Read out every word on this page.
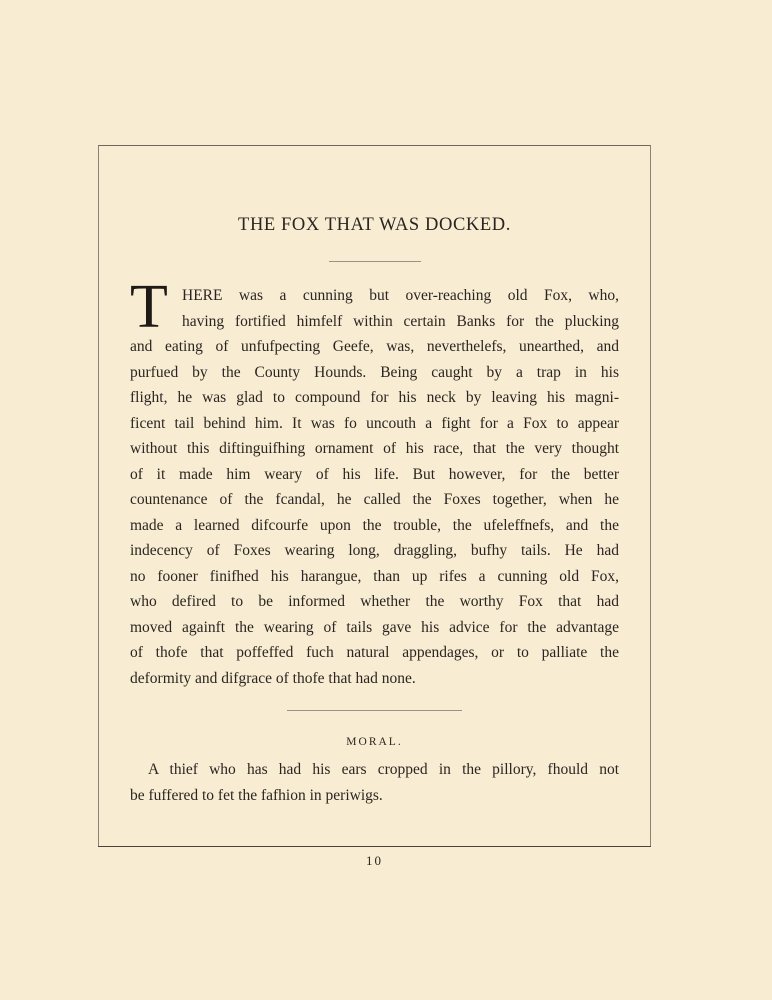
THE FOX THAT WAS DOCKED.
T HERE was a cunning but over-reaching old Fox, who,
having fortified himfelf within certain Banks for the plucking
and eating of unfufpecting Geefe, was, neverthelefs, unearthed, and
purfued by the County Hounds. Being caught by a trap in his
flight, he was glad to compound for his neck by leaving his magni-
ficent tail behind him. It was fo uncouth a fight for a Fox to appear
without this diftinguifhing ornament of his race, that the very thought
of it made him weary of his life. But however, for the better
countenance of the fcandal, he called the Foxes together, when he
made a learned difcourfe upon the trouble, the ufeleffnefs, and the
indecency of Foxes wearing long, draggling, bufhy tails. He had
no fooner finifhed his harangue, than up rifes a cunning old Fox,
who defired to be informed whether the worthy Fox that had
moved againft the wearing of tails gave his advice for the advantage
of thofe that poffeffed fuch natural appendages, or to palliate the
deformity and difgrace of thofe that had none.
MORAL.
A thief who has had his ears cropped in the pillory, fhould not
be fuffered to fet the fafhion in periwigs.
10
